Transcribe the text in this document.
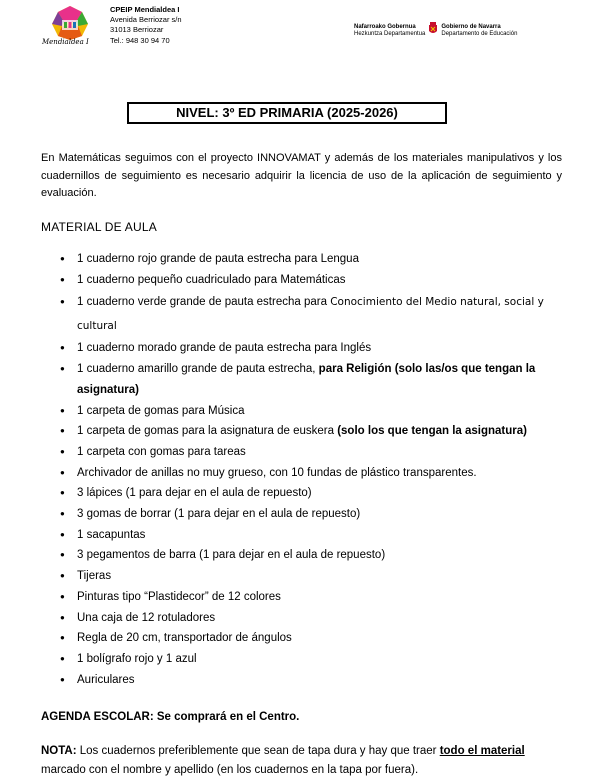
Mendialdea I
CPEIP Mendialdea I
Avenida Berriozar s/n
31013 Berriozar
Tel.: 948 30 94 70
Nafarroako Gobernua
Hezkuntza Departamentua
Gobierno de Navarra
Departamento de Educación
NIVEL: 3º ED PRIMARIA (2025-2026)
En Matemáticas seguimos con el proyecto INNOVAMAT y además de los materiales manipulativos y los cuadernillos de seguimiento es necesario adquirir la licencia de uso de la aplicación de seguimiento y evaluación.
MATERIAL DE AULA
● 1 cuaderno rojo grande de pauta estrecha para Lengua
● 1 cuaderno pequeño cuadriculado para Matemáticas
● 1 cuaderno verde grande de pauta estrecha para Conocimiento del Medio natural, social y cultural
● 1 cuaderno morado grande de pauta estrecha para Inglés
● 1 cuaderno amarillo grande de pauta estrecha, para Religión (solo las/os que tengan la asignatura)
● 1 carpeta de gomas para Música
● 1 carpeta de gomas para la asignatura de euskera (solo los que tengan la asignatura)
● 1 carpeta con gomas para tareas
● Archivador de anillas no muy grueso, con 10 fundas de plástico transparentes.
● 3 lápices (1 para dejar en el aula de repuesto)
● 3 gomas de borrar (1 para dejar en el aula de repuesto)
● 1 sacapuntas
● 3 pegamentos de barra (1 para dejar en el aula de repuesto)
● Tijeras
● Pinturas tipo “Plastidecor” de 12 colores
● Una caja de 12 rotuladores
● Regla de 20 cm, transportador de ángulos
● 1 bolígrafo rojo y 1 azul
● Auriculares
AGENDA ESCOLAR: Se comprará en el Centro.
NOTA: Los cuadernos preferiblemente que sean de tapa dura y hay que traer todo el material marcado con el nombre y apellido (en los cuadernos en la tapa por fuera).
